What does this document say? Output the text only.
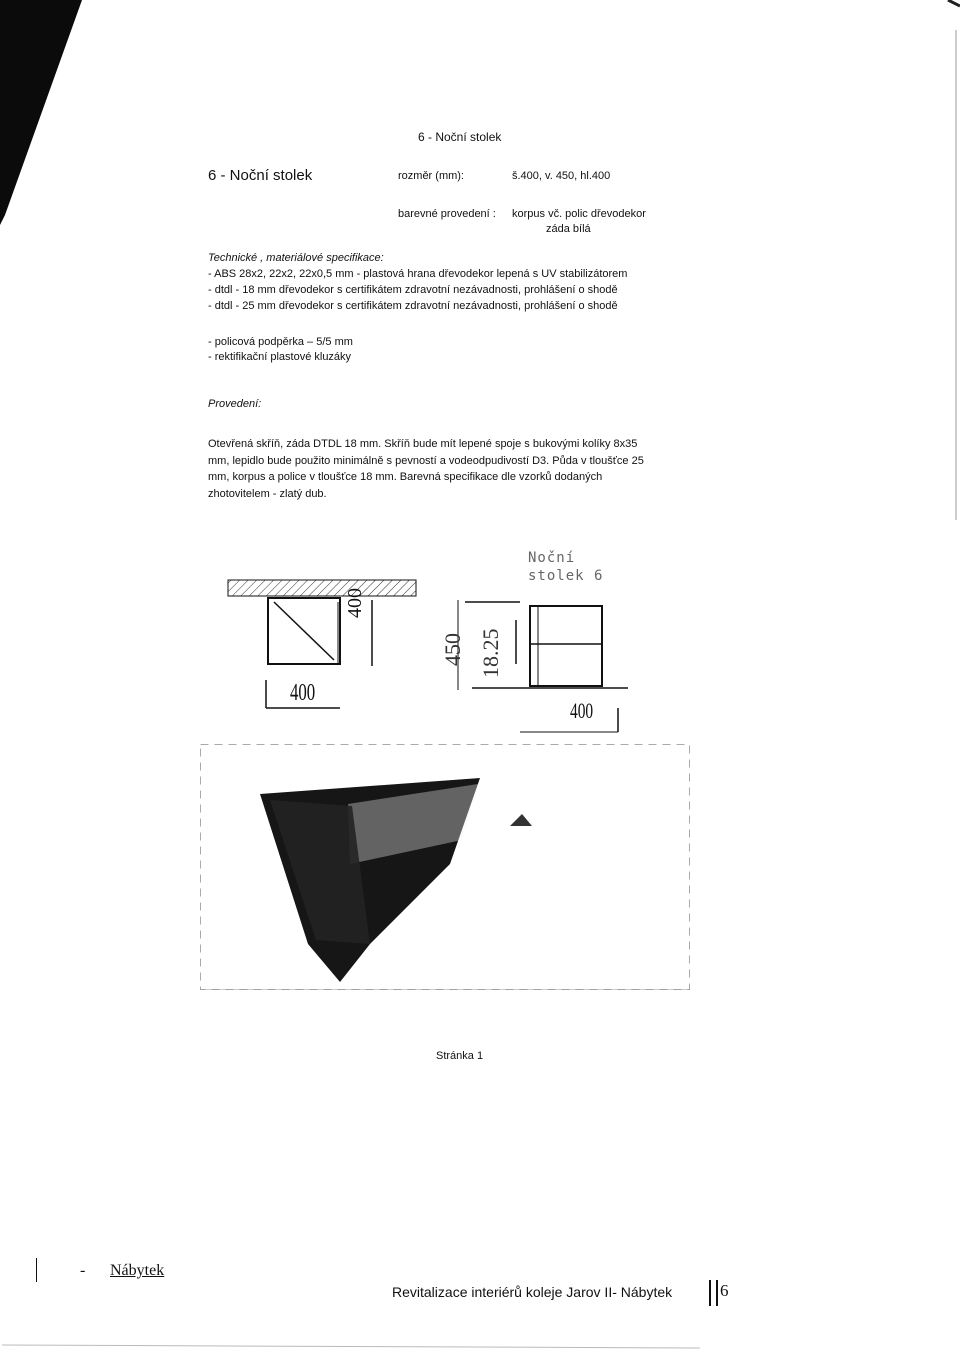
6 - Noční stolek
6 - Noční stolek	rozměr (mm):	š.400, v. 450, hl.400
barevné provedení : korpus vč. polic dřevodekor
záda bílá
Technické , materiálové specifikace:
- ABS 28x2, 22x2, 22x0,5 mm - plastová hrana dřevodekor lepená s UV stabilizátorem
- dtdl - 18 mm dřevodekor s certifikátem zdravotní nezávadnosti, prohlášení o shodě
- dtdl - 25 mm dřevodekor s certifikátem zdravotní nezávadnosti, prohlášení o shodě
- policová podpěrka – 5/5 mm
- rektifikační plastové kluzáky
Provedení:
Otevřená skříň, záda DTDL 18 mm. Skříň bude mít lepené spoje s bukovými kolíky 8x35
mm, lepidlo bude použito minimálně s pevností a vodeodpudivostí D3. Půda v tloušťce 25
mm, korpus a police v tloušťce 18 mm. Barevná specifikace dle vzorků dodaných
zhotovitelem - zlatý dub.
Noční
stolek 6
400
400
450 18.25
400
Stránka 1
- Nábytek
Revitalizace interiérů koleje Jarov II- Nábytek	6
